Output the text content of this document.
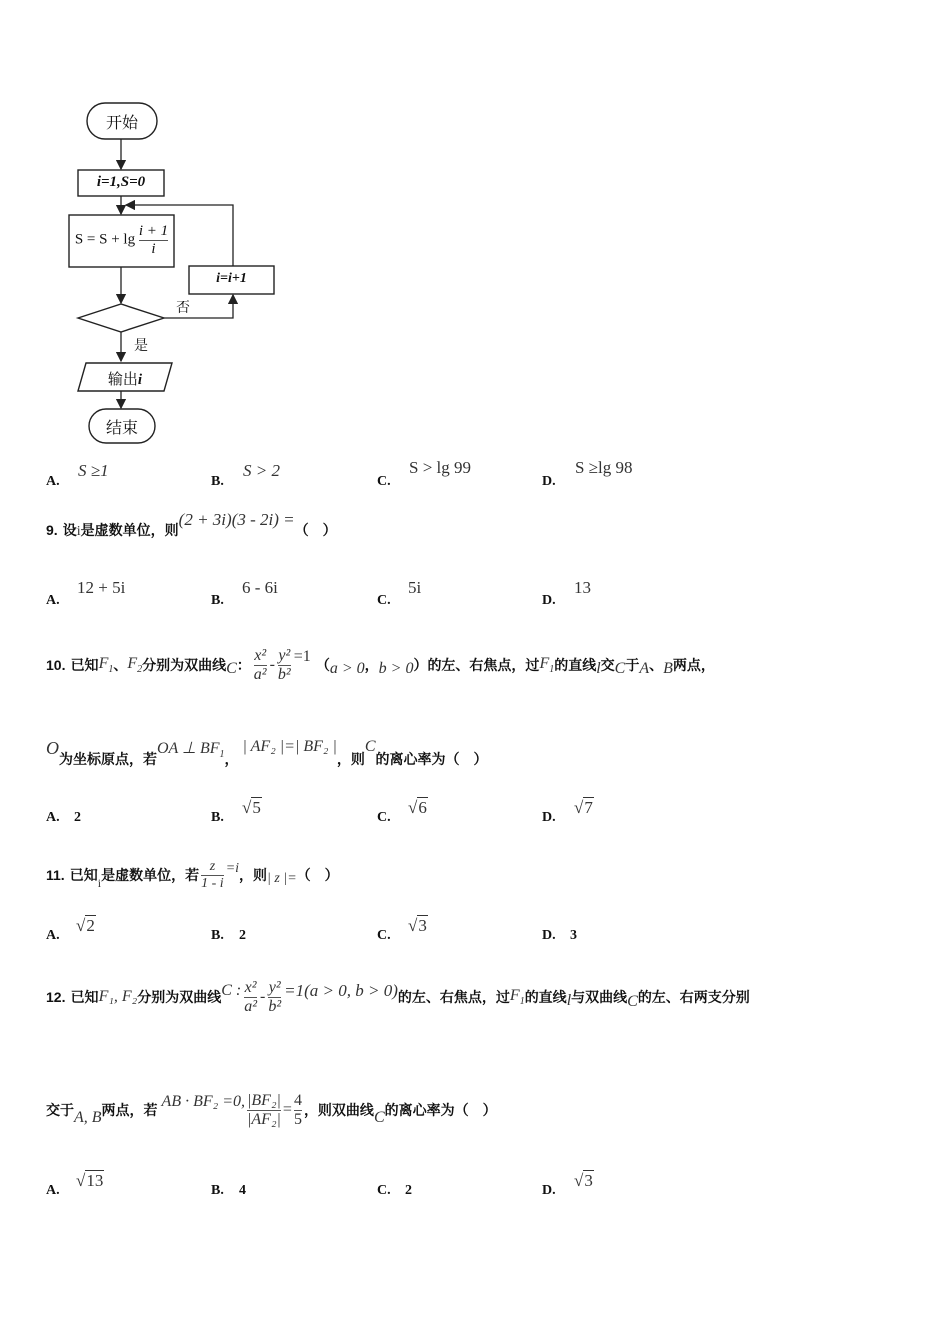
开始
i=1,S=0
$S = S + \lg \frac{i + 1}{i}$
i=i+1
否
是
输出i
结束
A.
S ≥1
B.
S > 2
C.
S > lg 99
D.
S ≥lg 98
9. 设i是虚数单位，则(2 + 3i)(3 - 2i) =（　）
A.
12 + 5i
B.
6 - 6i
C.
5i
D.
13
10.
已知 $F_1$ 、 $F_2$ 分别为双曲线 C ： $\frac{\text{x²}}{\text{a²}} - \frac{\text{y²}}{\text{b²}} =1$

（ a > 0 ， b > 0 ） 的左、右焦点，过 $F_1$ 的直线 l 交 C 于 A 、 B 两点，
O
为坐标原点，若
OA ⊥ $BF_1$ ，
| AF₂ |=| BF₂ |
，则
C
的离心率为（　）
A. 2	B.
√5
C.
√6
D.
√7
11.
已知 i 是虚数单位，若 $\frac{z}{1 - i} =i$ ，则 | z |= （　）
A.
√2
B. 2	C.
√3
D. 3
12.
已知 F₁, F₂ 分别为双曲线 C : $\frac{\text{x²}}{\text{a²}} - \frac{\text{y²}}{\text{b²}} =1(a > 0$, b > 0) 的左、右焦点，过 $F_1$ 的直线 l 与双曲线 C 的左、右两支分别
交于 A, B 两点，若
AB · BF₂ =0, $\frac{\text{|BF₂|}}{\text{|AF₂|}} = \frac{4}{5}$ ，则双曲线 C 的离心率为（　）
A.
√13
B. 4	C. 2	D.
√3
